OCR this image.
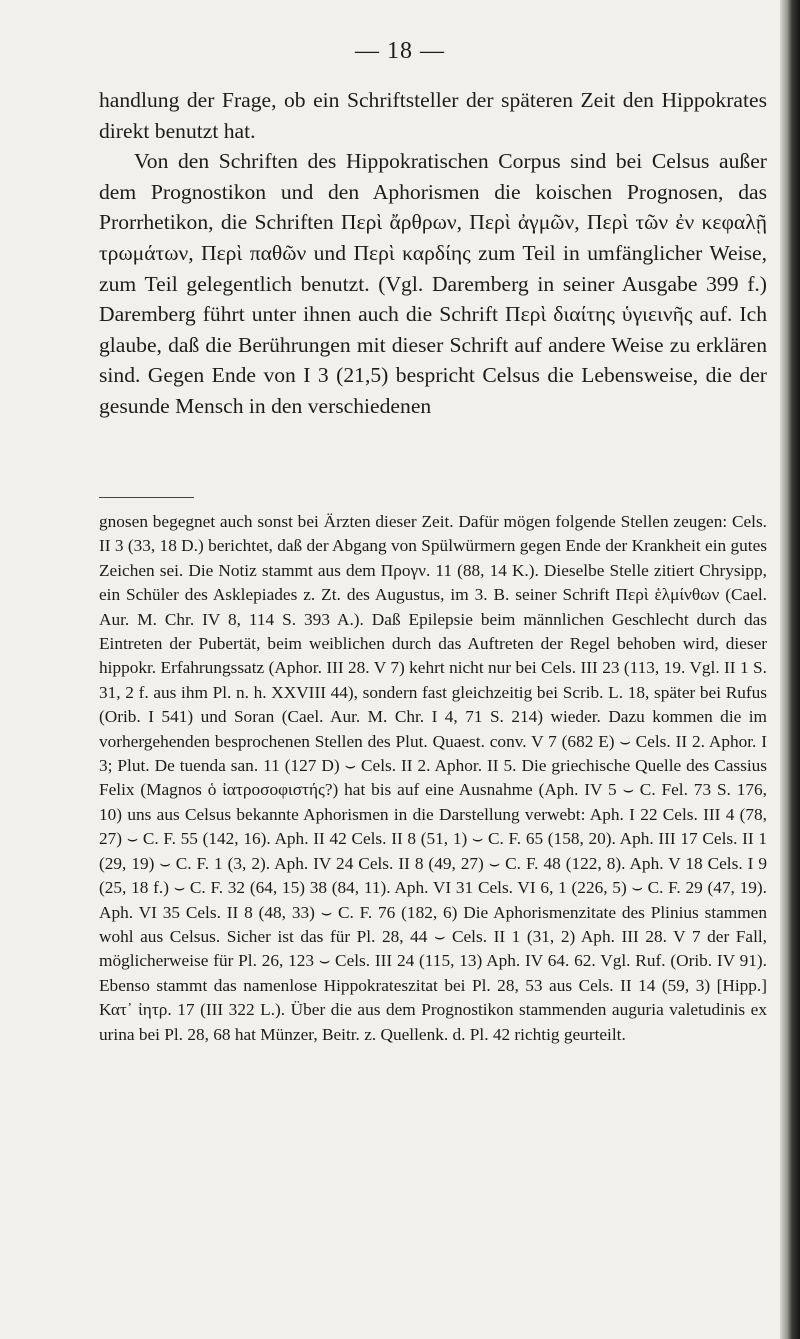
— 18 —

handlung der Frage, ob ein Schriftsteller der späteren Zeit den Hippokrates direkt benutzt hat.

Von den Schriften des Hippokratischen Corpus sind bei Celsus außer dem Prognostikon und den Aphorismen die koischen Prognosen, das Prorrhetikon, die Schriften Περὶ ἄρθρων, Περὶ ἀγμῶν, Περὶ τῶν ἐν κεφαλῇ τρωμάτων, Περὶ παθῶν und Περὶ καρδίης zum Teil in umfänglicher Weise, zum Teil gelegentlich benutzt. (Vgl. Daremberg in seiner Ausgabe 399 f.) Daremberg führt unter ihnen auch die Schrift Περὶ διαίτης ὑγιεινῆς auf. Ich glaube, daß die Berührungen mit dieser Schrift auf andere Weise zu erklären sind. Gegen Ende von I 3 (21,5) bespricht Celsus die Lebensweise, die der gesunde Mensch in den verschiedenen

gnosen begegnet auch sonst bei Ärzten dieser Zeit. Dafür mögen folgende Stellen zeugen: Cels. II 3 (33, 18 D.) berichtet, daß der Abgang von Spülwürmern gegen Ende der Krankheit ein gutes Zeichen sei. Die Notiz stammt aus dem Προγν. 11 (88, 14 K.). Dieselbe Stelle zitiert Chrysipp, ein Schüler des Asklepiades z. Zt. des Augustus, im 3. B. seiner Schrift Περὶ ἑλμίνθων (Cael. Aur. M. Chr. IV 8, 114 S. 393 A.). Daß Epilepsie beim männlichen Geschlecht durch das Eintreten der Pubertät, beim weiblichen durch das Auftreten der Regel behoben wird, dieser hippokr. Erfahrungssatz (Aphor. III 28. V 7) kehrt nicht nur bei Cels. III 23 (113, 19. Vgl. II 1 S. 31, 2 f. aus ihm Pl. n. h. XXVIII 44), sondern fast gleichzeitig bei Scrib. L. 18, später bei Rufus (Orib. I 541) und Soran (Cael. Aur. M. Chr. I 4, 71 S. 214) wieder. Dazu kommen die im vorhergehenden besprochenen Stellen des Plut. Quaest. conv. V 7 (682 E) ⌣ Cels. II 2. Aphor. I 3; Plut. De tuenda san. 11 (127 D) ⌣ Cels. II 2. Aphor. II 5. Die griechische Quelle des Cassius Felix (Magnos ὁ ἰατροσοφιστής?) hat bis auf eine Ausnahme (Aph. IV 5 ⌣ C. Fel. 73 S. 176, 10) uns aus Celsus bekannte Aphorismen in die Darstellung verwebt: Aph. I 22 Cels. III 4 (78, 27) ⌣ C. F. 55 (142, 16). Aph. II 42 Cels. II 8 (51, 1) ⌣ C. F. 65 (158, 20). Aph. III 17 Cels. II 1 (29, 19) ⌣ C. F. 1 (3, 2). Aph. IV 24 Cels. II 8 (49, 27) ⌣ C. F. 48 (122, 8). Aph. V 18 Cels. I 9 (25, 18 f.) ⌣ C. F. 32 (64, 15) 38 (84, 11). Aph. VI 31 Cels. VI 6, 1 (226, 5) ⌣ C. F. 29 (47, 19). Aph. VI 35 Cels. II 8 (48, 33) ⌣ C. F. 76 (182, 6) Die Aphorismenzitate des Plinius stammen wohl aus Celsus. Sicher ist das für Pl. 28, 44 ⌣ Cels. II 1 (31, 2) Aph. III 28. V 7 der Fall, möglicherweise für Pl. 26, 123 ⌣ Cels. III 24 (115, 13) Aph. IV 64. 62. Vgl. Ruf. (Orib. IV 91). Ebenso stammt das namenlose Hippokrateszitat bei Pl. 28, 53 aus Cels. II 14 (59, 3) [Hipp.] Κατ᾽ ἰητρ. 17 (III 322 L.). Über die aus dem Prognostikon stammenden auguria valetudinis ex urina bei Pl. 28, 68 hat Münzer, Beitr. z. Quellenk. d. Pl. 42 richtig geurteilt.
